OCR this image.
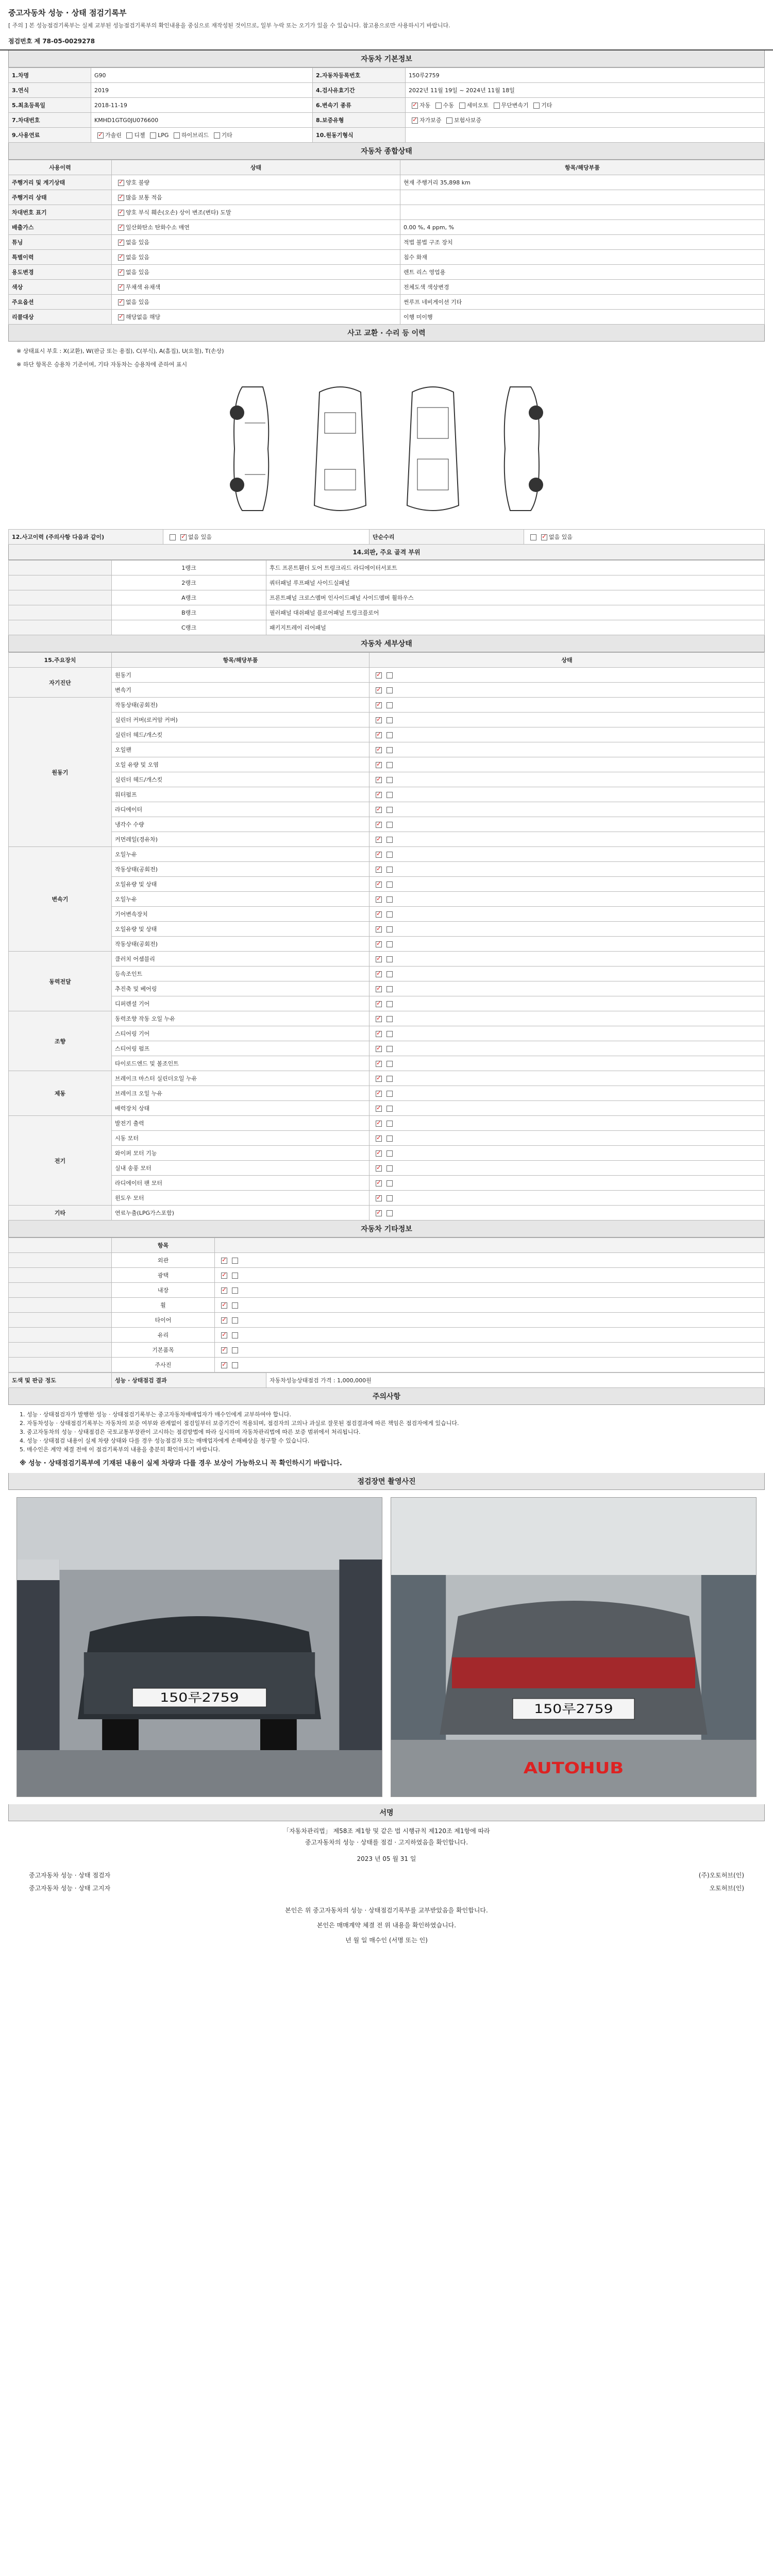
중고자동차 성능 · 상태 점검기록부
[ 주의 ] 본 성능점검기록부는 실제 교부된 성능점검기록부의 확인내용을 중심으로 재작성된 것이므로, 일부 누락 또는 오기가 있을 수 있습니다. 참고용으로만 사용하시기 바랍니다.
점검번호 제 78-05-0029278
자동차 기본정보
1.차명	G90	2.자동차등록번호	150루2759
3.연식	2019	4.검사유효기간	2022년 11월 19일 ~ 2024년 11월 18일
5.최초등록일	2018-11-19	6.변속기 종류	✓자동 수동 세미오토 무단변속기 기타
7.차대번호	KMHD1GTG0JU076600	8.보증유형	✓자가보증 보험사보증
9.사용연료	✓가솔린 디젤 LPG 하이브리드 기타	10.원동기형식	
자동차 종합상태
사용이력	상태	항목/해당부품
주행거리 및 계기상태	✓양호 불량	현재 주행거리 35,898 km
주행거리 상태	✓많음 보통 적음	
차대번호 표기	✓양호 부식 훼손(오손) 상이 변조(변타) 도말	
배출가스	✓일산화탄소 탄화수소 매연	0.00 %, 4 ppm, %
튜닝	✓없음 있음	적법 불법 구조 장치
특별이력	✓없음 있음	침수 화재
용도변경	✓없음 있음	렌트 리스 영업용
색상	✓무채색 유채색	전체도색 색상변경
주요옵션	✓없음 있음	썬루프 네비게이션 기타
리콜대상	✓해당없음 해당	이행 미이행
사고 교환 · 수리 등 이력
※ 상태표시 부호 : X(교환), W(판금 또는 용접), C(부식), A(흠집), U(요철), T(손상)
※ 하단 항목은 승용차 기준이며, 기타 자동차는 승용차에 준하여 표시
12.사고이력 (주의사항 다음과 같이)	✓없음 있음	단순수리	✓없음 있음
14.외판, 주요 골격 부위
	1랭크	후드 프론트휀더 도어 트렁크리드 라디에이터서포트
	2랭크	쿼터패널 루프패널 사이드실패널
	A랭크	프론트패널 크로스멤버 인사이드패널 사이드멤버 휠하우스
	B랭크	필러패널 대쉬패널 플로어패널 트렁크플로어
	C랭크	패키지트레이 리어패널
자동차 세부상태
15.주요장치	항목/해당부품	상태
자기진단	원동기	✓
	변속기	✓
원동기	작동상태(공회전)	✓
	실린더 커버(로커암 커버)	✓
	실린더 헤드/개스킷	✓
	오일팬	✓
	오일 유량 및 오염	✓
	실린더 헤드/개스킷	✓
	워터펌프	✓
	라디에이터	✓
	냉각수 수량	✓
	커먼레일(경유차)	✓
변속기	오일누유	✓
	작동상태(공회전)	✓
	오일유량 및 상태	✓
	오일누유	✓
	기어변속장치	✓
	오일유량 및 상태	✓
	작동상태(공회전)	✓
동력전달	클러치 어셈블리	✓
	등속조인트	✓
	추진축 및 베어링	✓
	디퍼렌셜 기어	✓
조향	동력조향 작동 오일 누유	✓
	스티어링 기어	✓
	스티어링 펌프	✓
	타이로드엔드 및 볼조인트	✓
제동	브레이크 마스터 실린더오일 누유	✓
	브레이크 오일 누유	✓
	배력장치 상태	✓
전기	발전기 출력	✓
	시동 모터	✓
	와이퍼 모터 기능	✓
	실내 송풍 모터	✓
	라디에이터 팬 모터	✓
	윈도우 모터	✓
기타	연료누출(LPG가스포함)	✓
자동차 기타정보
	항목	
	외관	✓
	광택	✓
	내장	✓
	휠	✓
	타이어	✓
	유리	✓
	기본품목	✓
	주사진	✓
도색 및 판금 정도	성능 · 상태점검 결과	자동차성능상태점검 가격 : 1,000,000원
주의사항
1. 성능 · 상태점검자가 발행한 성능 · 상태점검기록부는 중고자동차매매업자가 매수인에게 교부하여야 합니다.
2. 자동차성능 · 상태점검기록부는 자동차의 보증 여부와 관계없이 점검일부터 보증기간이 적용되며, 점검자의 고의나 과실로 잘못된 점검결과에 따른 책임은 점검자에게 있습니다.
3. 중고자동차의 성능 · 상태점검은 국토교통부장관이 고시하는 점검방법에 따라 실시하며 자동차관리법에 따른 보증 범위에서 처리됩니다.
4. 성능 · 상태점검 내용이 실제 차량 상태와 다를 경우 성능점검자 또는 매매업자에게 손해배상을 청구할 수 있습니다.
5. 매수인은 계약 체결 전에 이 점검기록부의 내용을 충분히 확인하시기 바랍니다.
※ 성능 · 상태점검기록부에 기재된 내용이 실제 차량과 다를 경우 보상이 가능하오니 꼭 확인하시기 바랍니다.
점검장면 촬영사진
150루2759
150루2759
AUTOHUB
서명
「자동차관리법」 제58조 제1항 및 같은 법 시행규칙 제120조 제1항에 따라
중고자동차의 성능 · 상태를 점검 · 고지하였음을 확인합니다.
2023 년 05 월 31 일
중고자동차 성능 · 상태 점검자	(주)오토허브(인)
중고자동차 성능 · 상태 고지자	오토허브(인)
본인은 위 중고자동차의 성능 · 상태점검기록부를 교부받았음을 확인합니다.
본인은 매매계약 체결 전 위 내용을 확인하였습니다.
년 월 일 매수인 (서명 또는 인)
